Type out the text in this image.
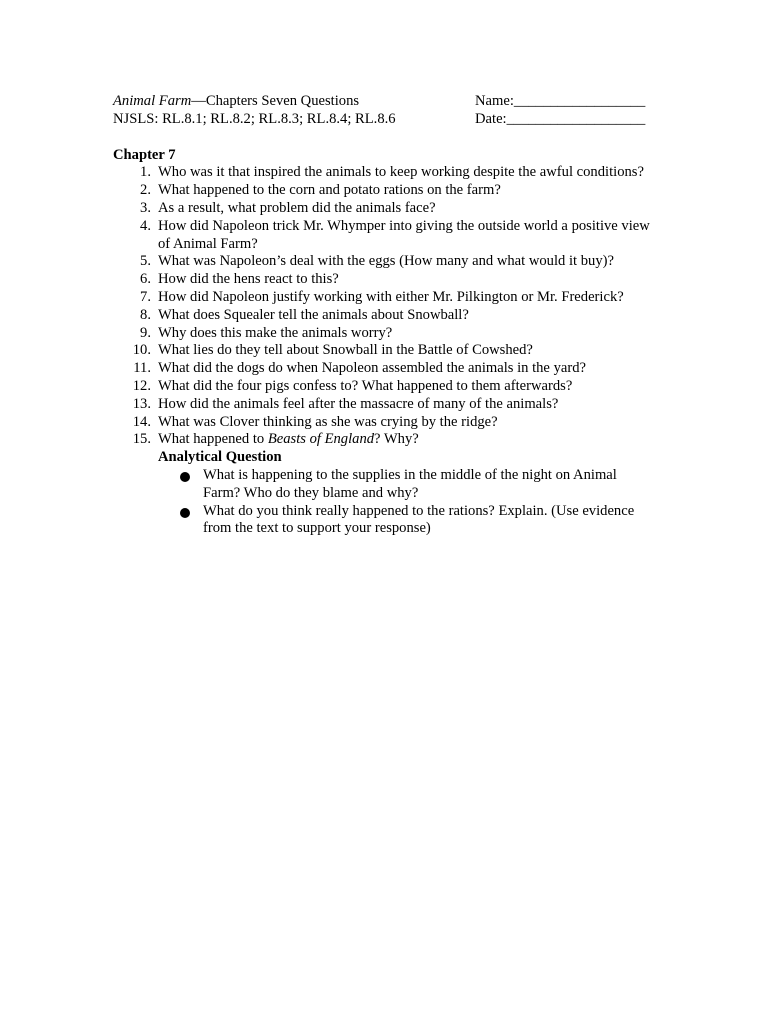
Animal Farm—Chapters Seven Questions
NJSLS: RL.8.1; RL.8.2; RL.8.3; RL.8.4; RL.8.6
Name:__________________
Date:___________________
Chapter 7
1. Who was it that inspired the animals to keep working despite the awful conditions?
2. What happened to the corn and potato rations on the farm?
3. As a result, what problem did the animals face?
4. How did Napoleon trick Mr. Whymper into giving the outside world a positive view of Animal Farm?
5. What was Napoleon’s deal with the eggs (How many and what would it buy)?
6. How did the hens react to this?
7. How did Napoleon justify working with either Mr. Pilkington or Mr. Frederick?
8. What does Squealer tell the animals about Snowball?
9. Why does this make the animals worry?
10. What lies do they tell about Snowball in the Battle of Cowshed?
11. What did the dogs do when Napoleon assembled the animals in the yard?
12. What did the four pigs confess to? What happened to them afterwards?
13. How did the animals feel after the massacre of many of the animals?
14. What was Clover thinking as she was crying by the ridge?
15. What happened to Beasts of England? Why?
Analytical Question
What is happening to the supplies in the middle of the night on Animal Farm? Who do they blame and why?
What do you think really happened to the rations? Explain. (Use evidence from the text to support your response)
